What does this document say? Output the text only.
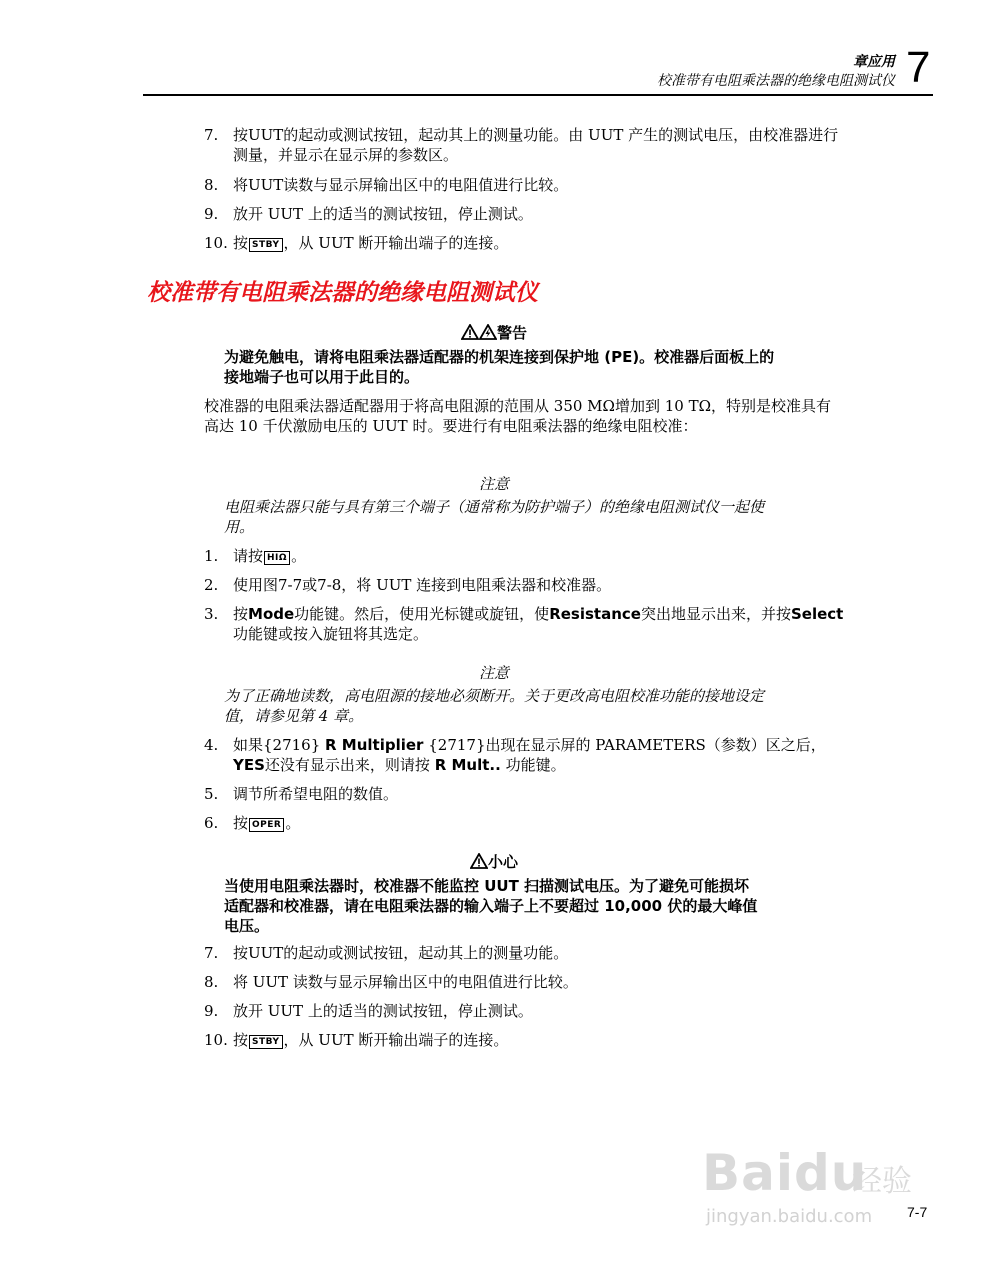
章应用
校准带有电阻乘法器的绝缘电阻测试仪 7
7. 按UUT的起动或测试按钮，起动其上的测量功能。由 UUT 产生的测试电压，由校准器进行测量，并显示在显示屏的参数区。
8. 将UUT读数与显示屏输出区中的电阻值进行比较。
9. 放开 UUT 上的适当的测试按钮，停止测试。
10. 按 STBY ，从 UUT 断开输出端子的连接。
校准带有电阻乘法器的绝缘电阻测试仪
警告
为避免触电，请将电阻乘法器适配器的机架连接到保护地 (PE)。校准器后面板上的接地端子也可以用于此目的。
校准器的电阻乘法器适配器用于将高电阻源的范围从 350 MΩ增加到 10 TΩ，特别是校准具有高达 10 千伏激励电压的 UUT 时。要进行有电阻乘法器的绝缘电阻校准：
注意
电阻乘法器只能与具有第三个端子（通常称为防护端子）的绝缘电阻测试仪一起使用。
1. 请按 HIΩ 。
2. 使用图7-7或7-8，将 UUT 连接到电阻乘法器和校准器。
3. 按Mode功能键。然后，使用光标键或旋钮，使Resistance突出地显示出来，并按Select功能键或按入旋钮将其选定。
注意
为了正确地读数，高电阻源的接地必须断开。关于更改高电阻校准功能的接地设定值，请参见第 4 章。
4. 如果{2716} R Multiplier {2717}出现在显示屏的 PARAMETERS（参数）区之后，YES还没有显示出来，则请按 R Mult.. 功能键。
5. 调节所希望电阻的数值。
6. 按 OPER 。
小心
当使用电阻乘法器时，校准器不能监控 UUT 扫描测试电压。为了避免可能损坏适配器和校准器，请在电阻乘法器的输入端子上不要超过 10,000 伏的最大峰值电压。
7. 按UUT的起动或测试按钮，起动其上的测量功能。
8. 将 UUT 读数与显示屏输出区中的电阻值进行比较。
9. 放开 UUT 上的适当的测试按钮，停止测试。
10. 按 STBY ，从 UUT 断开输出端子的连接。
Baidu
经验
jingyan.baidu.com 7-7
